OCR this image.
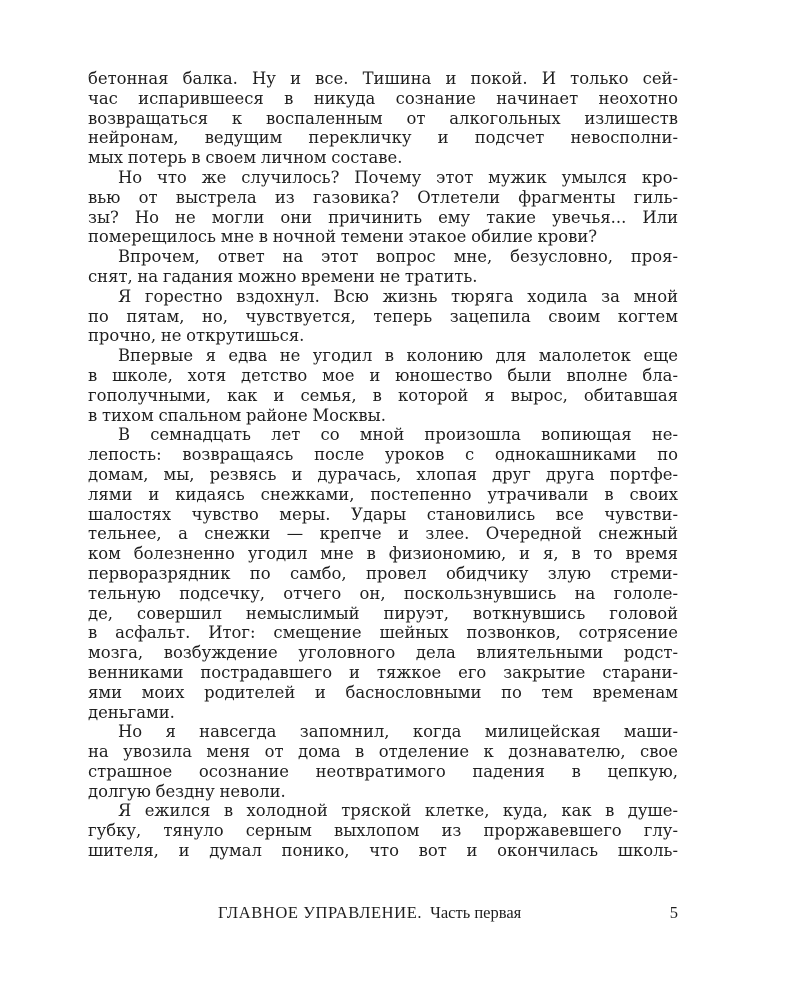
бетонная балка. Ну и все. Тишина и покой. И только сей-
час испарившееся в никуда сознание начинает неохотно
возвращаться к воспаленным от алкогольных излишеств
нейронам, ведущим перекличку и подсчет невосполни-
мых потерь в своем личном составе.
Но что же случилось? Почему этот мужик умылся кро-
вью от выстрела из газовика? Отлетели фрагменты гиль-
зы? Но не могли они причинить ему такие увечья... Или
померещилось мне в ночной темени этакое обилие крови?
Впрочем, ответ на этот вопрос мне, безусловно, проя-
снят, на гадания можно времени не тратить.
Я горестно вздохнул. Всю жизнь тюряга ходила за мной
по пятам, но, чувствуется, теперь зацепила своим когтем
прочно, не открутишься.
Впервые я едва не угодил в колонию для малолеток еще
в школе, хотя детство мое и юношество были вполне бла-
гополучными, как и семья, в которой я вырос, обитавшая
в тихом спальном районе Москвы.
В семнадцать лет со мной произошла вопиющая не-
лепость: возвращаясь после уроков с однокашниками по
домам, мы, резвясь и дурачась, хлопая друг друга портфе-
лями и кидаясь снежками, постепенно утрачивали в своих
шалостях чувство меры. Удары становились все чувстви-
тельнее, а снежки — крепче и злее. Очередной снежный
ком болезненно угодил мне в физиономию, и я, в то время
перворазрядник по самбо, провел обидчику злую стреми-
тельную подсечку, отчего он, поскользнувшись на гололе-
де, совершил немыслимый пируэт, воткнувшись головой
в асфальт. Итог: смещение шейных позвонков, сотрясение
мозга, возбуждение уголовного дела влиятельными родст-
венниками пострадавшего и тяжкое его закрытие старани-
ями моих родителей и баснословными по тем временам
деньгами.
Но я навсегда запомнил, когда милицейская маши-
на увозила меня от дома в отделение к дознавателю, свое
страшное осознание неотвратимого падения в цепкую,
долгую бездну неволи.
Я ежился в холодной тряской клетке, куда, как в душе-
губку, тянуло серным выхлопом из проржавевшего глу-
шителя, и думал понико, что вот и окончилась школь-
ГЛАВНОЕ УПРАВЛЕНИЕ. Часть первая	5
